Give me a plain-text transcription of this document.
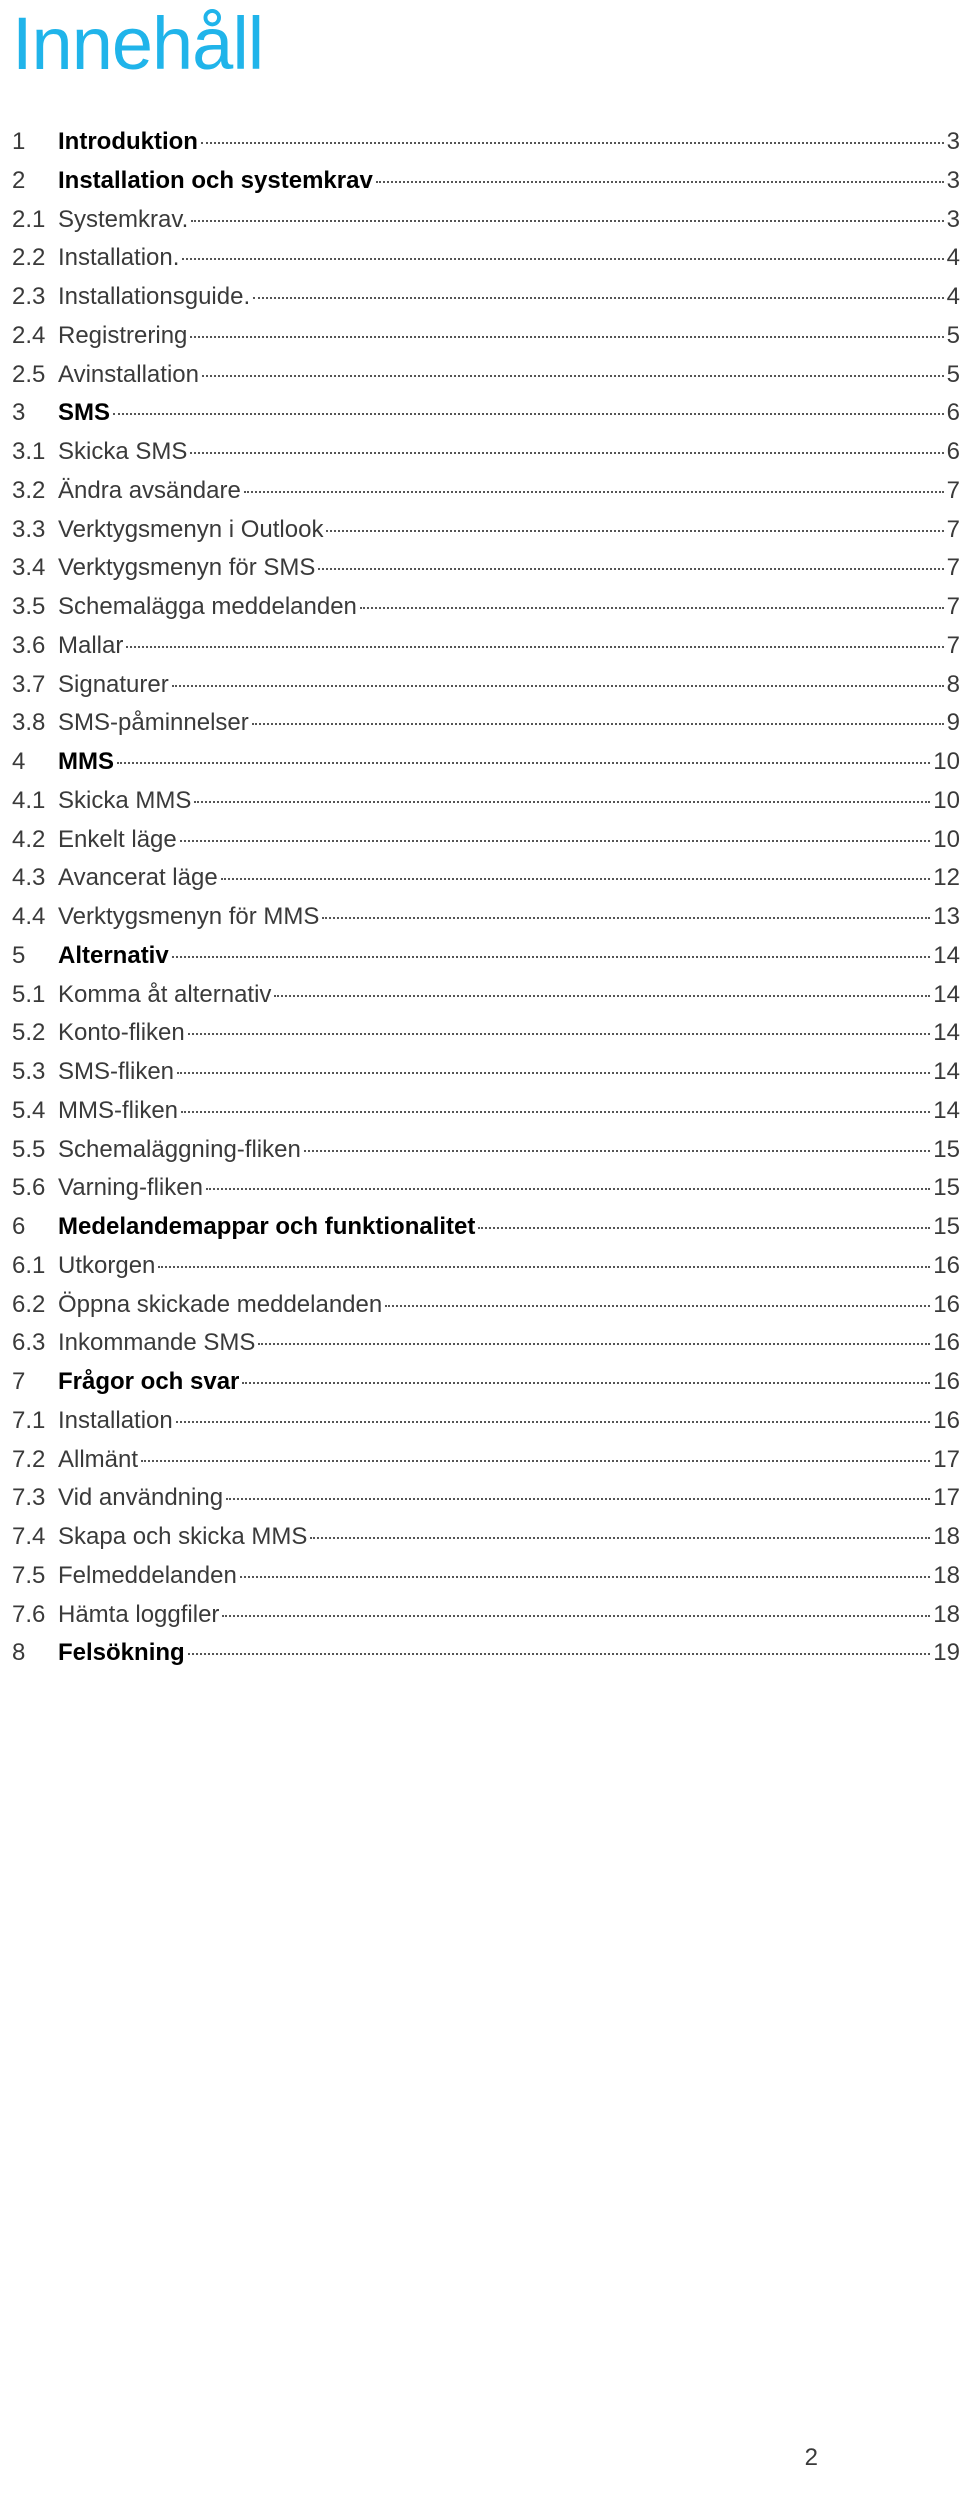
Innehåll
1	Introduktion	3
2	Installation och systemkrav	3
2.1 Systemkrav.	3
2.2 Installation.	4
2.3 Installationsguide.	4
2.4 Registrering	5
2.5 Avinstallation	5
3	SMS	6
3.1 Skicka SMS	6
3.2 Ändra avsändare	7
3.3 Verktygsmenyn i Outlook	7
3.4 Verktygsmenyn för SMS	7
3.5 Schemalägga meddelanden	7
3.6 Mallar	7
3.7 Signaturer	8
3.8 SMS-påminnelser	9
4	MMS	10
4.1 Skicka MMS	10
4.2 Enkelt läge	10
4.3 Avancerat läge	12
4.4 Verktygsmenyn för MMS	13
5	Alternativ	14
5.1 Komma åt alternativ	14
5.2 Konto-fliken	14
5.3 SMS-fliken	14
5.4 MMS-fliken	14
5.5 Schemaläggning-fliken	15
5.6 Varning-fliken	15
6	Medelandemappar och funktionalitet	15
6.1 Utkorgen	16
6.2 Öppna skickade meddelanden	16
6.3 Inkommande SMS	16
7	Frågor och svar	16
7.1 Installation	16
7.2 Allmänt	17
7.3 Vid användning	17
7.4 Skapa och skicka MMS	18
7.5 Felmeddelanden	18
7.6 Hämta loggfiler	18
8	Felsökning	19
2
